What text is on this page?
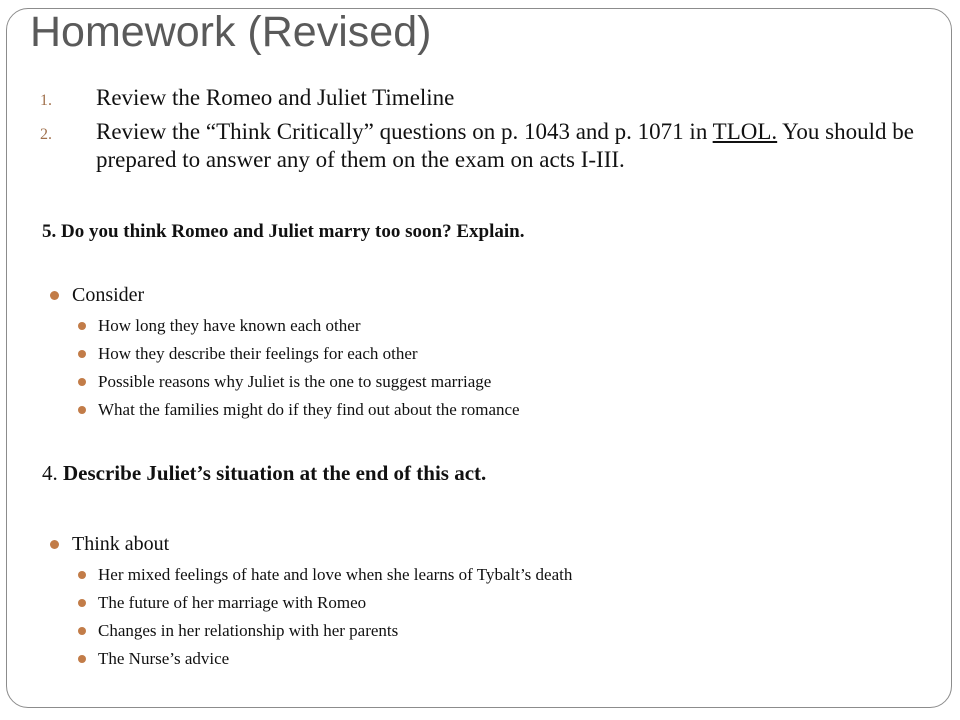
Homework (Revised)
1. Review the Romeo and Juliet Timeline
2. Review the “Think Critically” questions on p. 1043 and p. 1071 in TLOL. You should be prepared to answer any of them on the exam on acts I-III.

5. Do you think Romeo and Juliet marry too soon? Explain.

Consider
How long they have known each other
How they describe their feelings for each other
Possible reasons why Juliet is the one to suggest marriage
What the families might do if they find out about the romance

4. Describe Juliet’s situation at the end of this act.

Think about
Her mixed feelings of hate and love when she learns of Tybalt’s death
The future of her marriage with Romeo
Changes in her relationship with her parents
The Nurse’s advice
